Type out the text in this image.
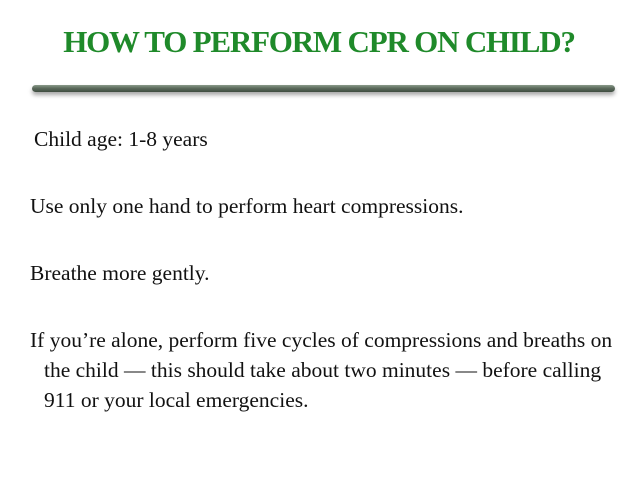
HOW TO PERFORM CPR ON CHILD?

Child age: 1-8 years

Use only one hand to perform heart compressions.

Breathe more gently.

If you’re alone, perform five cycles of compressions and breaths on the child — this should take about two minutes — before calling 911 or your local emergencies.
